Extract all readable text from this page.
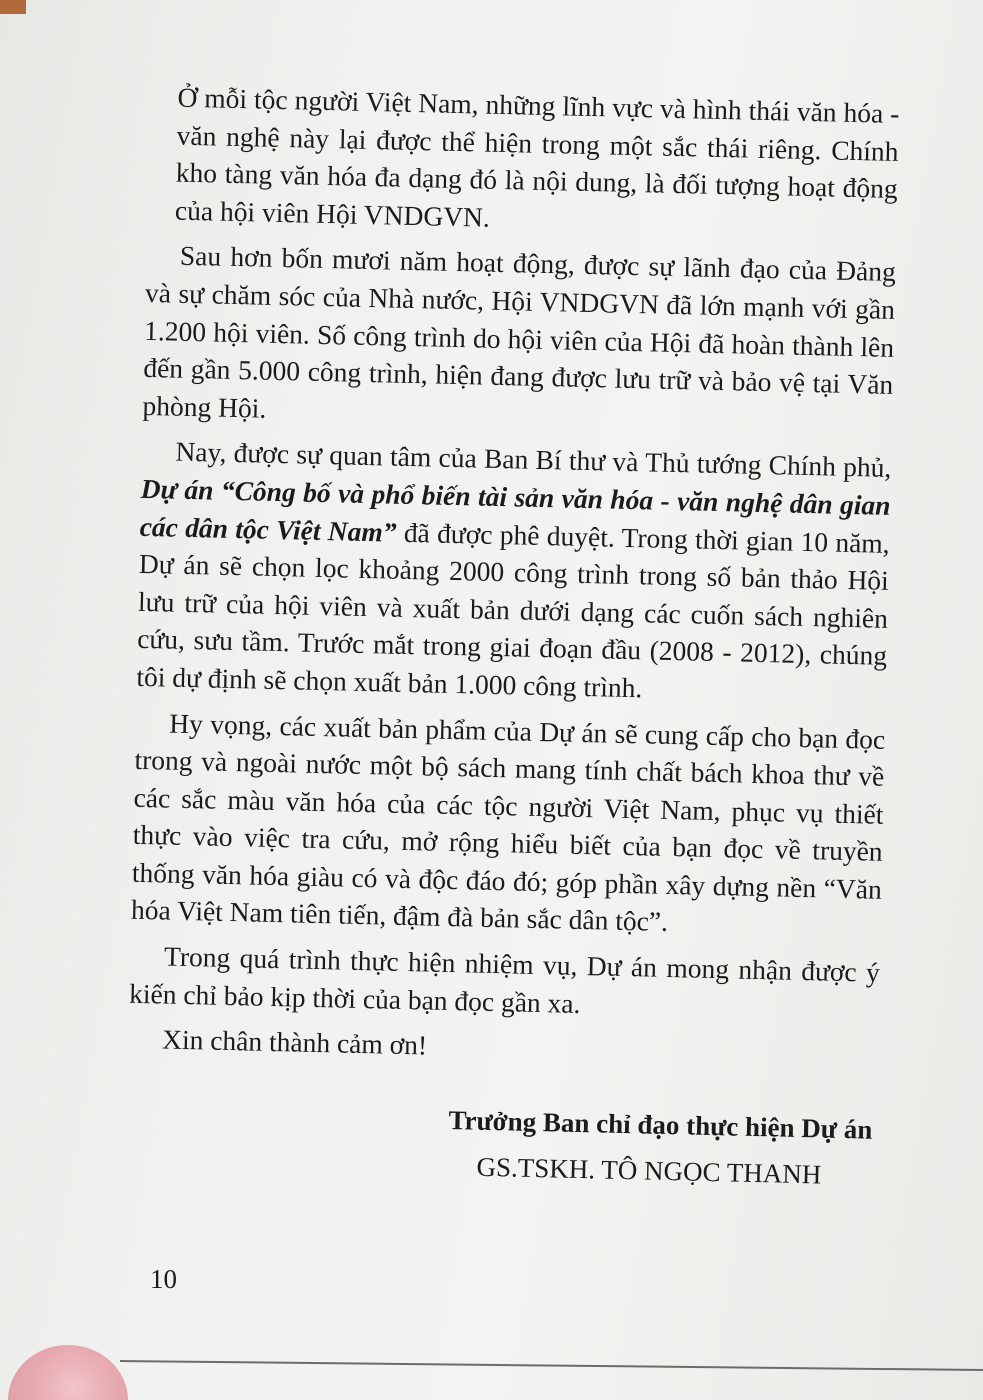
Ở mỗi tộc người Việt Nam, những lĩnh vực và hình thái văn hóa - văn nghệ này lại được thể hiện trong một sắc thái riêng. Chính kho tàng văn hóa đa dạng đó là nội dung, là đối tượng hoạt động của hội viên Hội VNDGVN.

Sau hơn bốn mươi năm hoạt động, được sự lãnh đạo của Đảng và sự chăm sóc của Nhà nước, Hội VNDGVN đã lớn mạnh với gần 1.200 hội viên. Số công trình do hội viên của Hội đã hoàn thành lên đến gần 5.000 công trình, hiện đang được lưu trữ và bảo vệ tại Văn phòng Hội.

Nay, được sự quan tâm của Ban Bí thư và Thủ tướng Chính phủ, Dự án “Công bố và phổ biến tài sản văn hóa - văn nghệ dân gian các dân tộc Việt Nam” đã được phê duyệt. Trong thời gian 10 năm, Dự án sẽ chọn lọc khoảng 2000 công trình trong số bản thảo Hội lưu trữ của hội viên và xuất bản dưới dạng các cuốn sách nghiên cứu, sưu tầm. Trước mắt trong giai đoạn đầu (2008 - 2012), chúng tôi dự định sẽ chọn xuất bản 1.000 công trình.

Hy vọng, các xuất bản phẩm của Dự án sẽ cung cấp cho bạn đọc trong và ngoài nước một bộ sách mang tính chất bách khoa thư về các sắc màu văn hóa của các tộc người Việt Nam, phục vụ thiết thực vào việc tra cứu, mở rộng hiểu biết của bạn đọc về truyền thống văn hóa giàu có và độc đáo đó; góp phần xây dựng nền “Văn hóa Việt Nam tiên tiến, đậm đà bản sắc dân tộc”.

Trong quá trình thực hiện nhiệm vụ, Dự án mong nhận được ý kiến chỉ bảo kịp thời của bạn đọc gần xa.

Xin chân thành cảm ơn!

Trưởng Ban chỉ đạo thực hiện Dự án
GS.TSKH. TÔ NGỌC THANH
10
